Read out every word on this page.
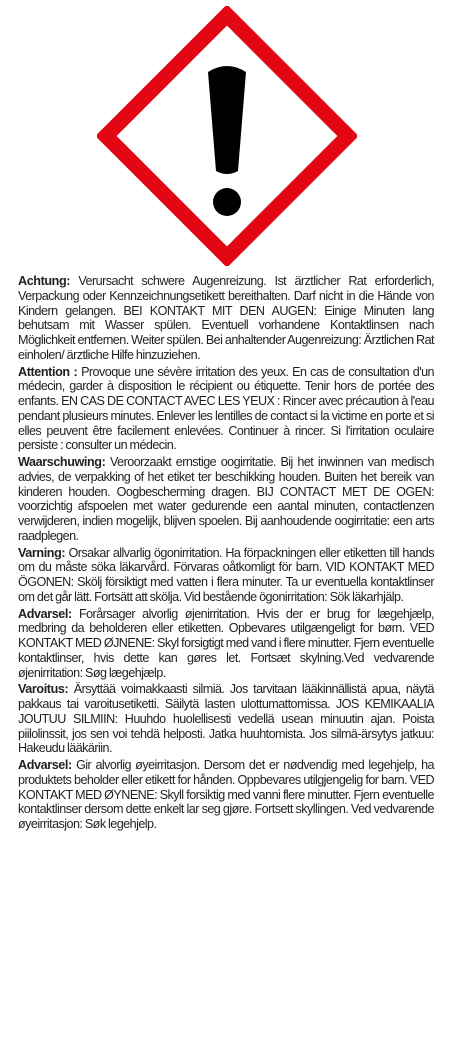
Achtung: Verursacht schwere Augenreizung. Ist ärztlicher Rat erforderlich, Verpackung oder Kennzeichnungsetikett bereithalten. Darf nicht in die Hände von Kindern gelangen. BEI KONTAKT MIT DEN AUGEN: Einige Minuten lang behutsam mit Wasser spülen. Eventuell vorhandene Kontaktlinsen nach Möglichkeit entfernen. Weiter spülen. Bei anhaltender Augenreizung: Ärztlichen Rat einholen/ ärztliche Hilfe hinzuziehen.

Attention : Provoque une sévère irritation des yeux. En cas de consultation d'un médecin, garder à disposition le récipient ou étiquette. Tenir hors de portée des enfants. EN CAS DE CONTACT AVEC LES YEUX : Rincer avec précaution à l'eau pendant plusieurs minutes. Enlever les lentilles de contact si la victime en porte et si elles peuvent être facilement enlevées. Continuer à rincer. Si l'irritation oculaire persiste : consulter un médecin.

Waarschuwing: Veroorzaakt ernstige oogirritatie. Bij het inwinnen van medisch advies, de verpakking of het etiket ter beschikking houden. Buiten het bereik van kinderen houden. Oogbescherming dragen. BIJ CONTACT MET DE OGEN: voorzichtig afspoelen met water gedurende een aantal minuten, contactlenzen verwijderen, indien mogelijk, blijven spoelen. Bij aanhoudende oogirritatie: een arts raadplegen.

Varning: Orsakar allvarlig ögonirritation. Ha förpackningen eller etiketten till hands om du måste söka läkarvård. Förvaras oåtkomligt för barn. VID KONTAKT MED ÖGONEN: Skölj försiktigt med vatten i flera minuter. Ta ur eventuella kontaktlinser om det går lätt. Fortsätt att skölja. Vid bestående ögonirritation: Sök läkarhjälp.

Advarsel: Forårsager alvorlig øjenirritation. Hvis der er brug for lægehjælp, medbring da beholderen eller etiketten. Opbevares utilgængeligt for børn. VED KONTAKT MED ØJNENE: Skyl forsigtigt med vand i flere minutter. Fjern eventuelle kontaktlinser, hvis dette kan gøres let. Fortsæt skylning.Ved vedvarende øjenirritation: Søg lægehjælp.

Varoitus: Ärsyttää voimakkaasti silmiä. Jos tarvitaan lääkinnällistä apua, näytä pakkaus tai varoitusetiketti. Säilytä lasten ulottumattomissa. JOS KEMIKAALIA JOUTUU SILMIIN: Huuhdo huolellisesti vedellä usean minuutin ajan. Poista piilolinssit, jos sen voi tehdä helposti. Jatka huuhtomista. Jos silmä-ärsytys jatkuu: Hakeudu lääkäriin.

Advarsel: Gir alvorlig øyeirritasjon. Dersom det er nødvendig med legehjelp, ha produktets beholder eller etikett for hånden. Oppbevares utilgjengelig for barn. VED KONTAKT MED ØYNENE: Skyll forsiktig med vanni flere minutter. Fjern eventuelle kontaktlinser dersom dette enkelt lar seg gjøre. Fortsett skyllingen. Ved vedvarende øyeirritasjon: Søk legehjelp.
